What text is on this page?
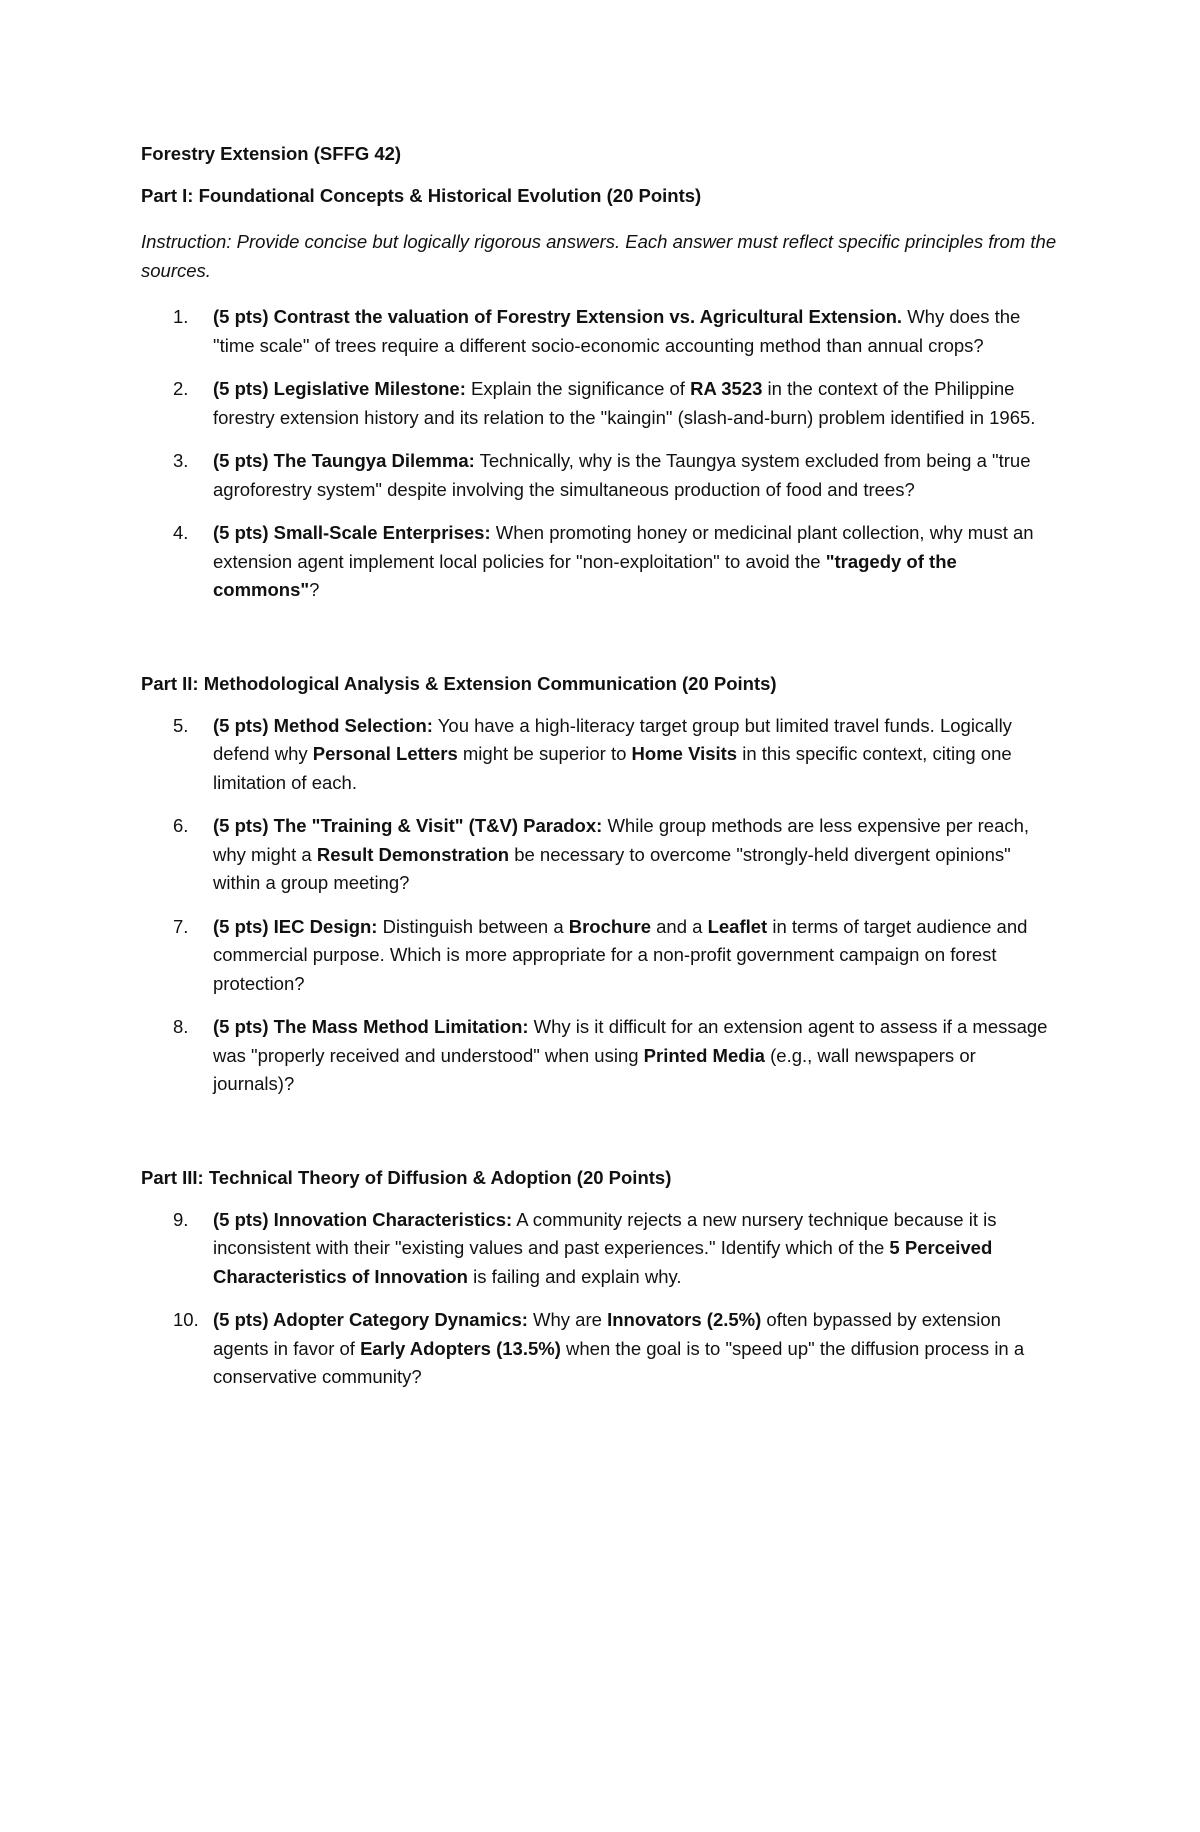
Forestry Extension (SFFG 42)

Part I: Foundational Concepts & Historical Evolution (20 Points)

Instruction: Provide concise but logically rigorous answers. Each answer must reflect specific principles from the sources.

1. (5 pts) Contrast the valuation of Forestry Extension vs. Agricultural Extension. Why does the "time scale" of trees require a different socio-economic accounting method than annual crops?
2. (5 pts) Legislative Milestone: Explain the significance of RA 3523 in the context of the Philippine forestry extension history and its relation to the "kaingin" (slash-and-burn) problem identified in 1965.
3. (5 pts) The Taungya Dilemma: Technically, why is the Taungya system excluded from being a "true agroforestry system" despite involving the simultaneous production of food and trees?
4. (5 pts) Small-Scale Enterprises: When promoting honey or medicinal plant collection, why must an extension agent implement local policies for "non-exploitation" to avoid the "tragedy of the commons"?

Part II: Methodological Analysis & Extension Communication (20 Points)

5. (5 pts) Method Selection: You have a high-literacy target group but limited travel funds. Logically defend why Personal Letters might be superior to Home Visits in this specific context, citing one limitation of each.
6. (5 pts) The "Training & Visit" (T&V) Paradox: While group methods are less expensive per reach, why might a Result Demonstration be necessary to overcome "strongly-held divergent opinions" within a group meeting?
7. (5 pts) IEC Design: Distinguish between a Brochure and a Leaflet in terms of target audience and commercial purpose. Which is more appropriate for a non-profit government campaign on forest protection?
8. (5 pts) The Mass Method Limitation: Why is it difficult for an extension agent to assess if a message was "properly received and understood" when using Printed Media (e.g., wall newspapers or journals)?

Part III: Technical Theory of Diffusion & Adoption (20 Points)

9. (5 pts) Innovation Characteristics: A community rejects a new nursery technique because it is inconsistent with their "existing values and past experiences." Identify which of the 5 Perceived Characteristics of Innovation is failing and explain why.
10. (5 pts) Adopter Category Dynamics: Why are Innovators (2.5%) often bypassed by extension agents in favor of Early Adopters (13.5%) when the goal is to "speed up" the diffusion process in a conservative community?
